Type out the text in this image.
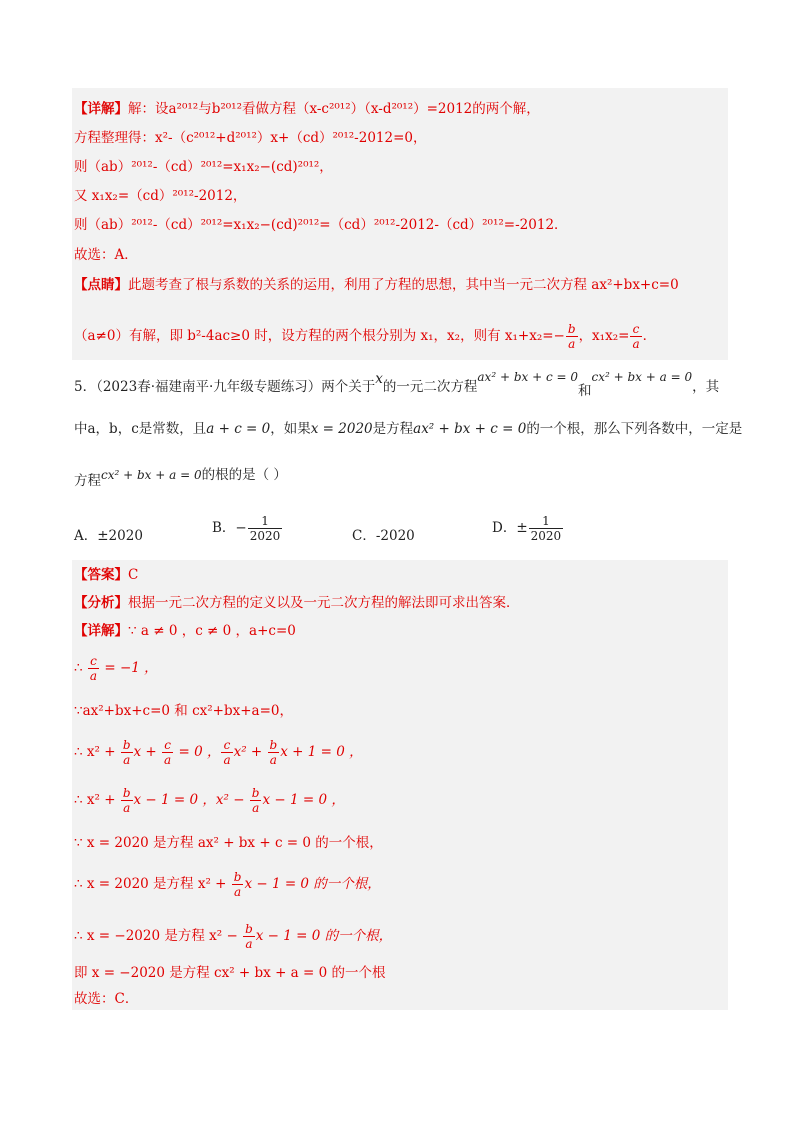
【详解】解：设a²⁰¹²与b²⁰¹²看做方程（x-c²⁰¹²）（x-d²⁰¹²）=2012的两个解，
方程整理得：x²-（c²⁰¹²+d²⁰¹²）x+（cd）²⁰¹²-2012=0，
则（ab）²⁰¹²-（cd）²⁰¹²=x₁x₂−(cd)²⁰¹²，
又 x₁x₂=（cd）²⁰¹²-2012，
则（ab）²⁰¹²-（cd）²⁰¹²=x₁x₂−(cd)²⁰¹²=（cd）²⁰¹²-2012-（cd）²⁰¹²=-2012．
故选：A．
【点睛】此题考查了根与系数的关系的运用，利用了方程的思想，其中当一元二次方程 ax²+bx+c=0
（a≠0）有解，即 b²-4ac≥0 时，设方程的两个根分别为 x₁，x₂，则有 $x_1+x_2=- \frac{b}{a}$ ，$x_1x_2= \frac{c}{a}$ ．
5．（2023春·福建南平·九年级专题练习）两个关于x的一元二次方程ax² + bx + c = 0和cx² + bx + a = 0，其
中a，b，c是常数，且a + c = 0，如果x = 2020是方程ax² + bx + c = 0的一个根，那么下列各数中，一定是
方程cx² + bx + a = 0的根的是（ ）
A．±2020	B．− $\frac{1}{2020}$	C．-2020	D．± $\frac{1}{2020}$
【答案】C
【分析】根据一元二次方程的定义以及一元二次方程的解法即可求出答案．
【详解】∵ a ≠ 0 ，c ≠ 0 ，a+c=0
∴ $\frac{c}{a} = -1$ ，
∵ax²+bx+c=0 和 cx²+bx+a=0，
∴ $x^2 + \frac{b}{a}$ $x + \frac{c}{a} = 0$ ， $\frac{c}{a} x^2 + \frac{b}{a}$ x + 1 = 0 ，
∴ $x^2 + \frac{b}{a}$ x − 1 = 0 ，$x^2 - \frac{b}{a}$ x − 1 = 0 ，
∵ x = 2020 是方程 ax² + bx + c = 0 的一个根，
∴ x = 2020 是方程 $x^2 + \frac{b}{a}$ x − 1 = 0 的一个根，
∴ x = −2020 是方程 $x^2 - \frac{b}{a}$ x − 1 = 0 的一个根，
即 x = −2020 是方程 cx² + bx + a = 0 的一个根
故选：C．
